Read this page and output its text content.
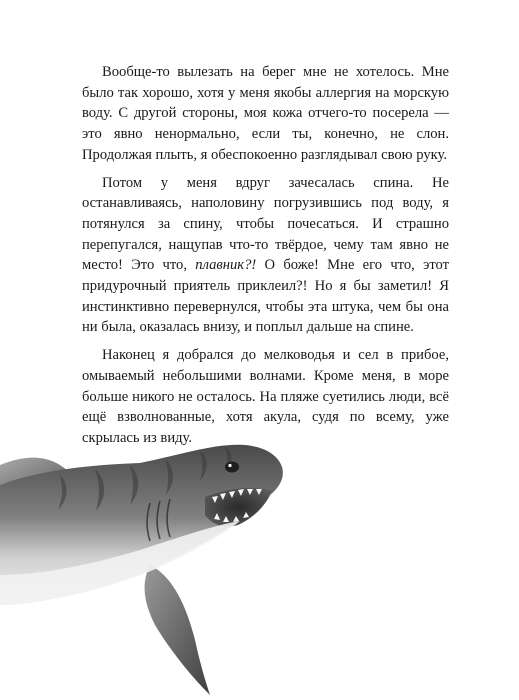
Вообще-то вылезать на берег мне не хотелось. Мне было так хорошо, хотя у меня якобы аллергия на морскую воду. С другой стороны, моя кожа отчего-то посерела — это явно ненормально, если ты, конечно, не слон. Продолжая плыть, я обеспокоенно разглядывал свою руку.

Потом у меня вдруг зачесалась спина. Не останавливаясь, наполовину погрузившись под воду, я потянулся за спину, чтобы почесаться. И страшно перепугался, нащупав что-то твёрдое, чему там явно не место! Это что, плавник?! О боже! Мне его что, этот придурочный приятель приклеил?! Но я бы заметил! Я инстинктивно перевернулся, чтобы эта штука, чем бы она ни была, оказалась внизу, и поплыл дальше на спине.

Наконец я добрался до мелководья и сел в прибое, омываемый небольшими волнами. Кроме меня, в море больше никого не осталось. На пляже суетились люди, всё ещё взволнованные, хотя акула, судя по всему, уже скрылась из виду.
